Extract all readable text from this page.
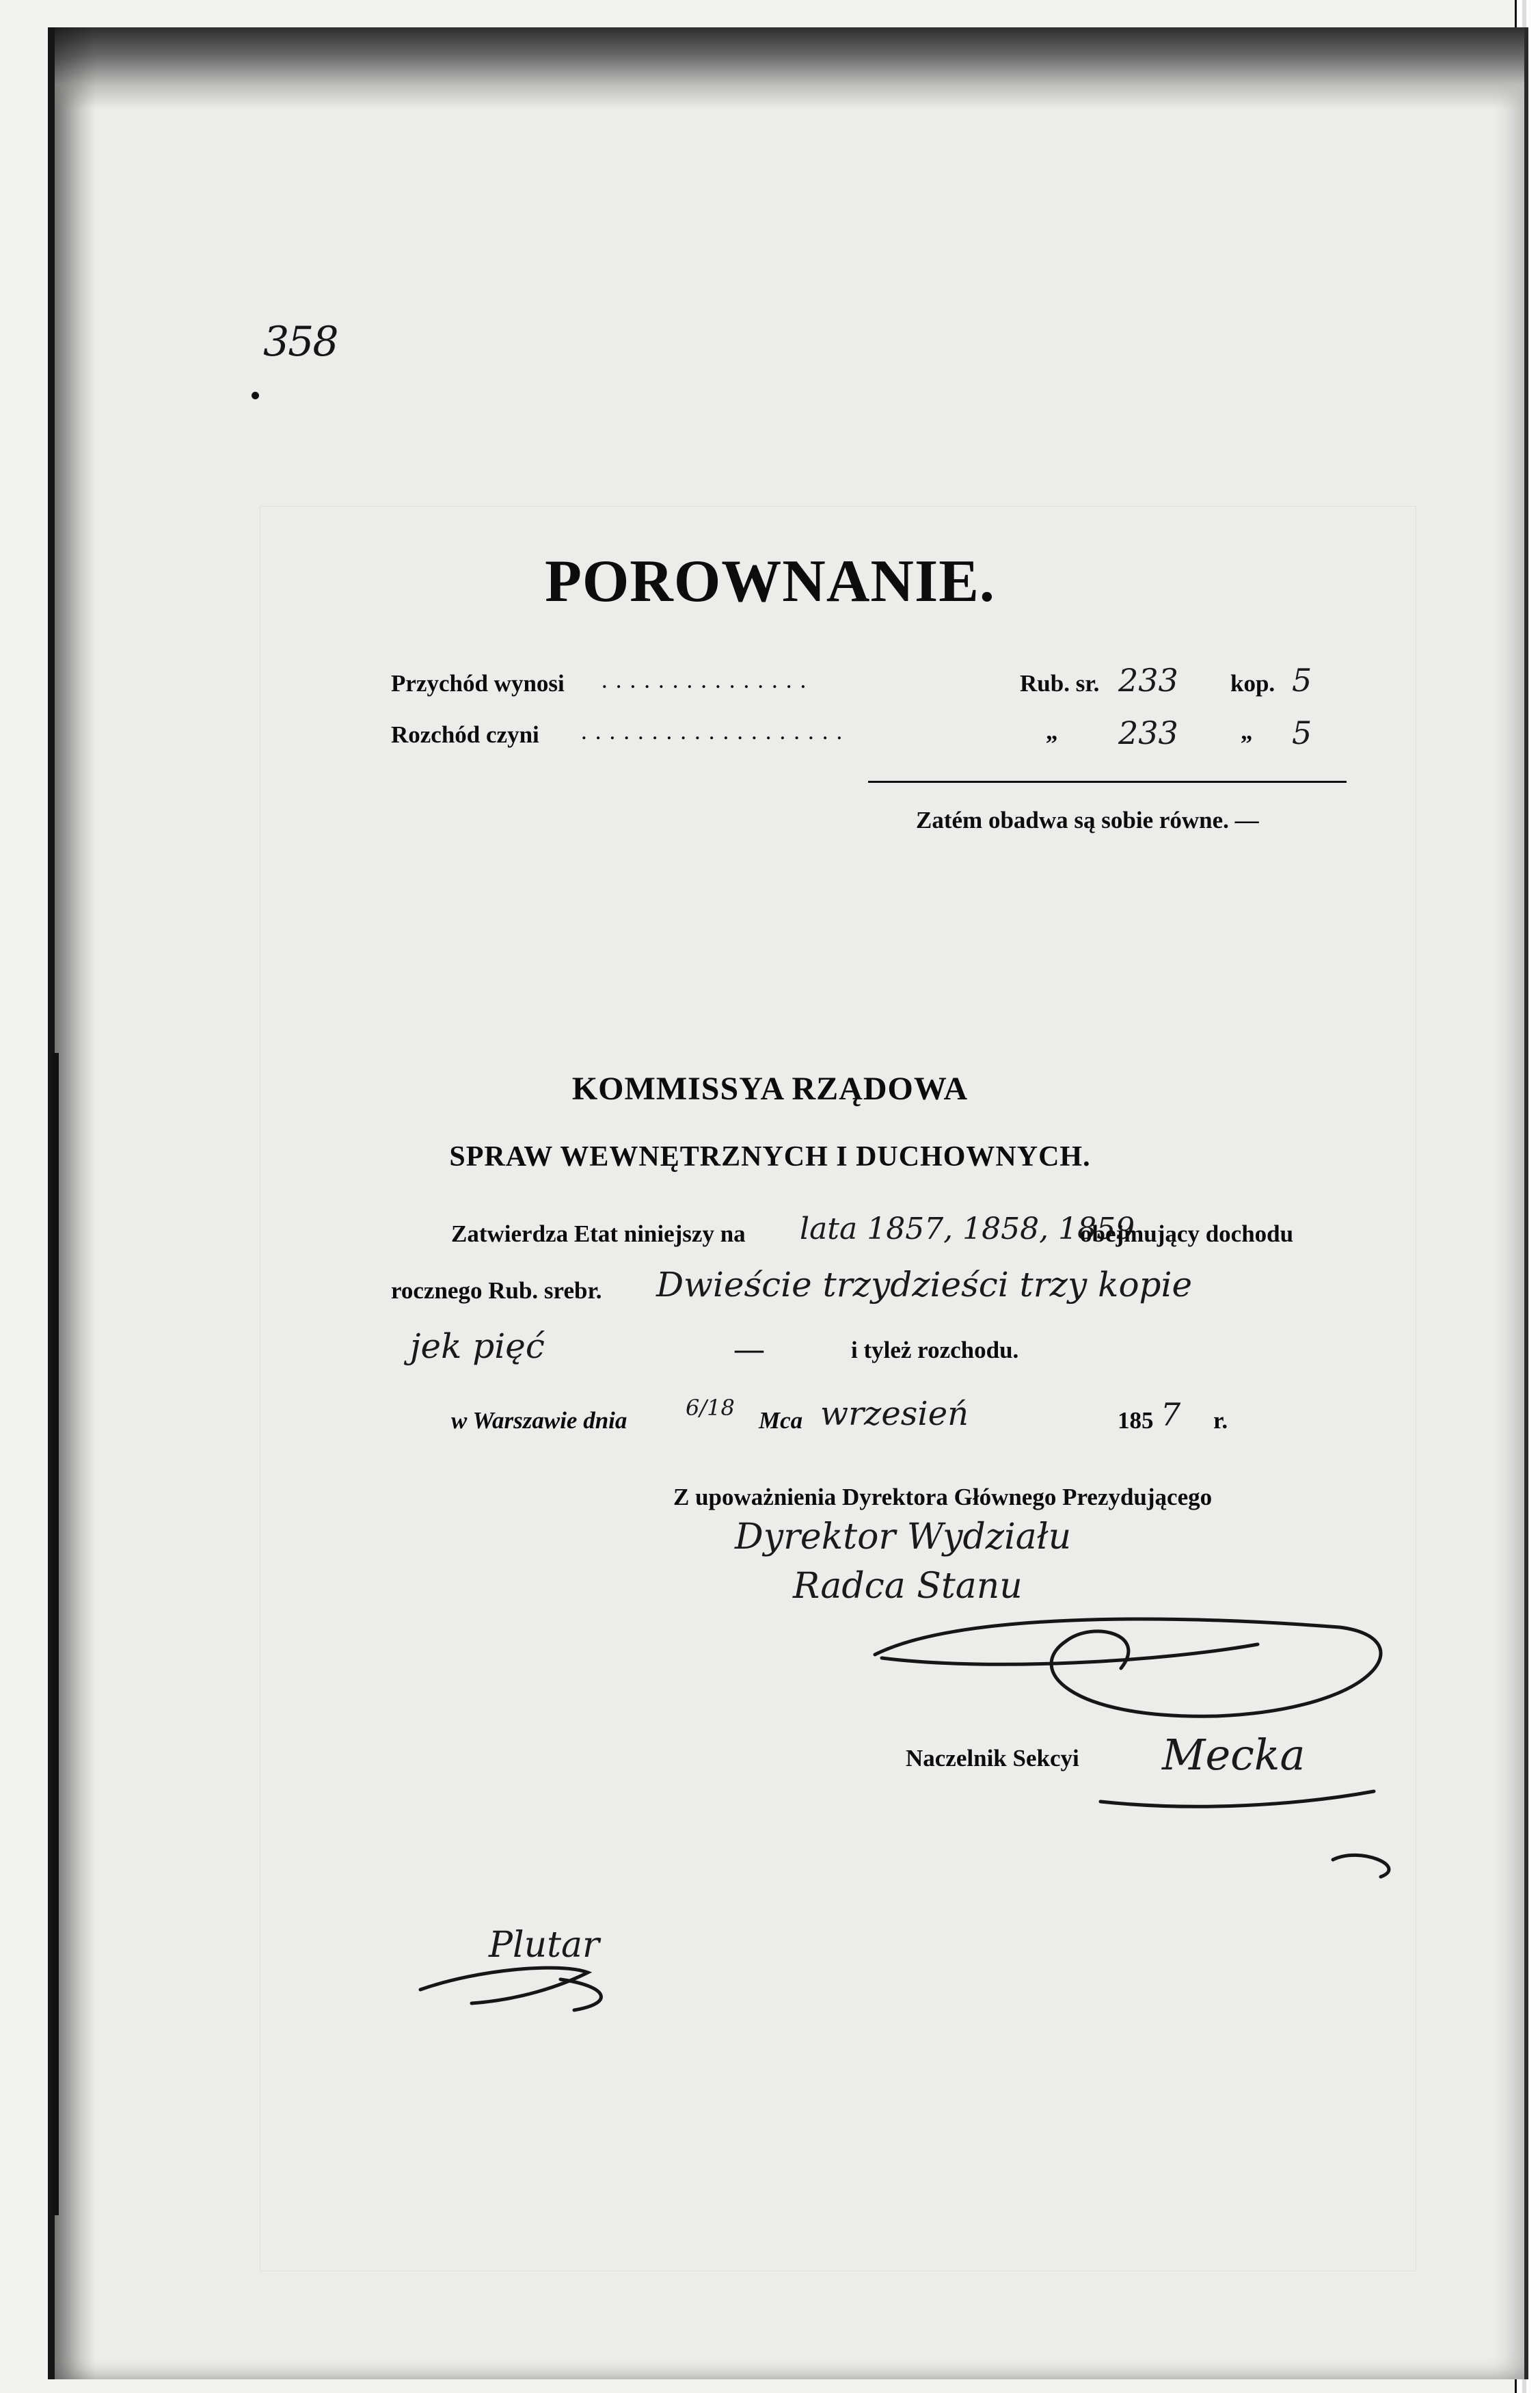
358
POROWNANIE.
Przychód wynosi ...............	Rub. sr. 233 kop. 5
Rozchód czyni ...................	„ 233	„ 5
Zatém obadwa są sobie równe. —
KOMMISSYA RZĄDOWA
SPRAW WEWNĘTRZNYCH I DUCHOWNYCH.
Zatwierdza Etat niniejszy na lata 1857, 1858, 1859
obejmujący dochodu
rocznego Rub. srebr. Dwieście trzydzieści trzy kopie
jek pięć	—	i tyleż rozchodu.
w Warszawie dnia	6/18 Mca wrzesień	185 7 r.
Z upoważnienia Dyrektora Głównego Prezydującego
Dyrektor Wydziału
Radca Stanu
Naczelnik Sekcyi Mecka
Plutar
